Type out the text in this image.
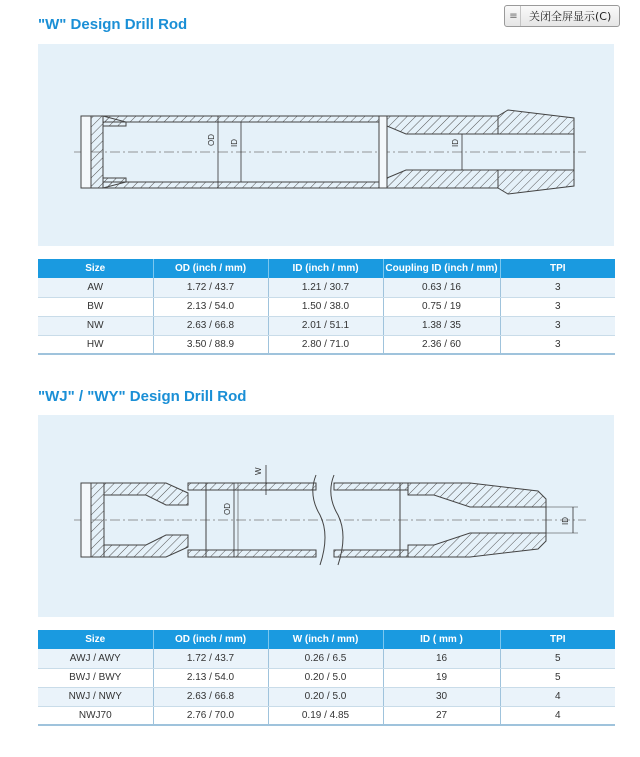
≡	关闭全屏显示(C)
"W" Design Drill Rod
OD ID	ID
Size	OD (inch / mm)	ID (inch / mm)	Coupling ID (inch / mm)	TPI
AW	1.72 / 43.7	1.21 / 30.7	0.63 / 16	3
BW	2.13 / 54.0	1.50 / 38.0	0.75 / 19	3
NW	2.63 / 66.8	2.01 / 51.1	1.38 / 35	3
HW	3.50 / 88.9	2.80 / 71.0	2.36 / 60	3
"WJ" / "WY" Design Drill Rod
W
OD
ID
Size	OD (inch / mm)	W (inch / mm)	ID ( mm )	TPI
AWJ / AWY	1.72 / 43.7	0.26 / 6.5	16	5
BWJ / BWY	2.13 / 54.0	0.20 / 5.0	19	5
NWJ / NWY	2.63 / 66.8	0.20 / 5.0	30	4
NWJ70	2.76 / 70.0	0.19 / 4.85	27	4
